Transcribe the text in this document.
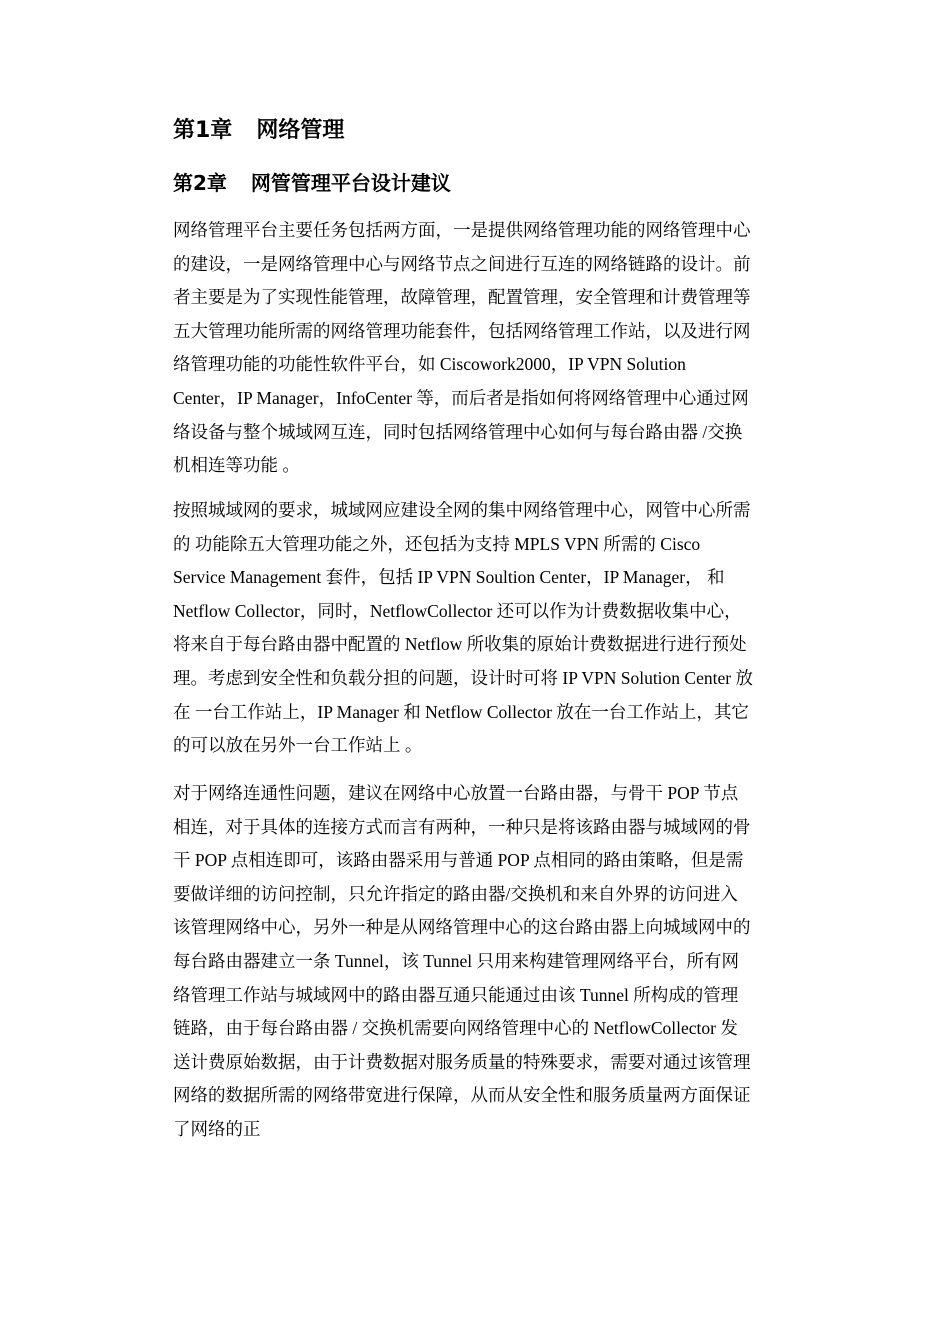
第1章 网络管理
第2章 网管管理平台设计建议
网络管理平台主要任务包括两方面，一是提供网络管理功能的网络管理中心
的建设，一是网络管理中心与网络节点之间进行互连的网络链路的设计。前
者主要是为了实现性能管理，故障管理，配置管理，安全管理和计费管理等
五大管理功能所需的网络管理功能套件，包括网络管理工作站，以及进行网
络管理功能的功能性软件平台，如 Ciscowork2000，IP VPN Solution
Center，IP Manager，InfoCenter 等，而后者是指如何将网络管理中心通过网
络设备与整个城域网互连，同时包括网络管理中心如何与每台路由器 /交换
机相连等功能 。
按照城域网的要求，城域网应建设全网的集中网络管理中心，网管中心所需
的 功能除五大管理功能之外，还包括为支持 MPLS VPN 所需的 Cisco
Service Management 套件，包括 IP VPN Soultion Center，IP Manager， 和
Netflow Collector，同时，NetflowCollector 还可以作为计费数据收集中心，
将来自于每台路由器中配置的 Netflow 所收集的原始计费数据进行进行预处
理。考虑到安全性和负载分担的问题，设计时可将 IP VPN Solution Center 放
在 一台工作站上，IP Manager 和 Netflow Collector 放在一台工作站上，其它
的可以放在另外一台工作站上 。
对于网络连通性问题，建议在网络中心放置一台路由器，与骨干 POP 节点
相连，对于具体的连接方式而言有两种，一种只是将该路由器与城域网的骨
干 POP 点相连即可，该路由器采用与普通 POP 点相同的路由策略，但是需
要做详细的访问控制，只允许指定的路由器/交换机和来自外界的访问进入
该管理网络中心，另外一种是从网络管理中心的这台路由器上向城域网中的
每台路由器建立一条 Tunnel，该 Tunnel 只用来构建管理网络平台，所有网
络管理工作站与城域网中的路由器互通只能通过由该 Tunnel 所构成的管理
链路，由于每台路由器 / 交换机需要向网络管理中心的 NetflowCollector 发
送计费原始数据，由于计费数据对服务质量的特殊要求，需要对通过该管理
网络的数据所需的网络带宽进行保障，从而从安全性和服务质量两方面保证
了网络的正
